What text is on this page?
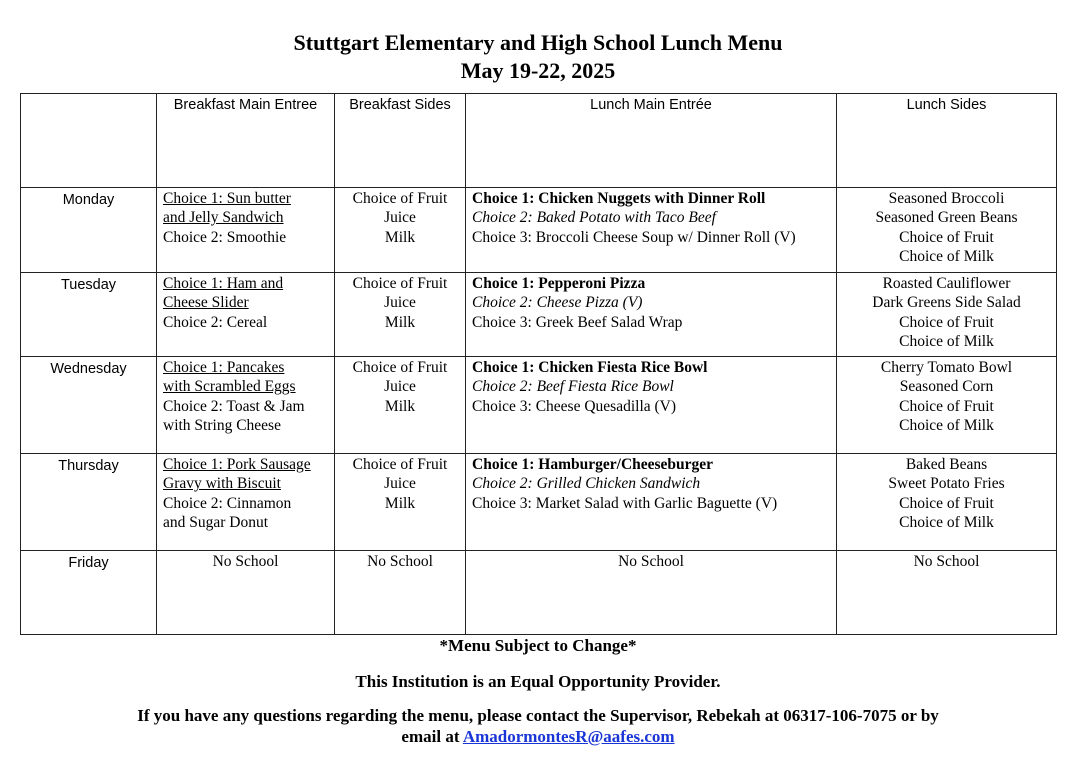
Stuttgart Elementary and High School Lunch Menu
May 19-22, 2025
	Breakfast Main Entree	Breakfast Sides	Lunch Main Entrée	Lunch Sides
Monday	Choice 1: Sun butter
and Jelly Sandwich
Choice 2: Smoothie	Choice of Fruit
Juice
Milk	Choice 1: Chicken Nuggets with Dinner Roll
Choice 2: Baked Potato with Taco Beef
Choice 3: Broccoli Cheese Soup w/ Dinner Roll (V)	Seasoned Broccoli
Seasoned Green Beans
Choice of Fruit
Choice of Milk

Tuesday	Choice 1: Ham and
Cheese Slider
Choice 2: Cereal	Choice of Fruit
Juice
Milk	Choice 1: Pepperoni Pizza
Choice 2: Cheese Pizza (V)
Choice 3: Greek Beef Salad Wrap	Roasted Cauliflower
Dark Greens Side Salad
Choice of Fruit
Choice of Milk

Wednesday	Choice 1: Pancakes
with Scrambled Eggs
Choice 2: Toast & Jam
with String Cheese	Choice of Fruit
Juice
Milk	Choice 1: Chicken Fiesta Rice Bowl
Choice 2: Beef Fiesta Rice Bowl
Choice 3: Cheese Quesadilla (V)	Cherry Tomato Bowl
Seasoned Corn
Choice of Fruit
Choice of Milk

Thursday	Choice 1: Pork Sausage
Gravy with Biscuit
Choice 2: Cinnamon
and Sugar Donut	Choice of Fruit
Juice
Milk	Choice 1: Hamburger/Cheeseburger
Choice 2: Grilled Chicken Sandwich
Choice 3: Market Salad with Garlic Baguette (V)	Baked Beans
Sweet Potato Fries
Choice of Fruit
Choice of Milk

Friday	No School	No School	No School	No School
*Menu Subject to Change*
This Institution is an Equal Opportunity Provider.
If you have any questions regarding the menu, please contact the Supervisor, Rebekah at 06317-106-7075 or by
email at AmadormontesR@aafes.com
